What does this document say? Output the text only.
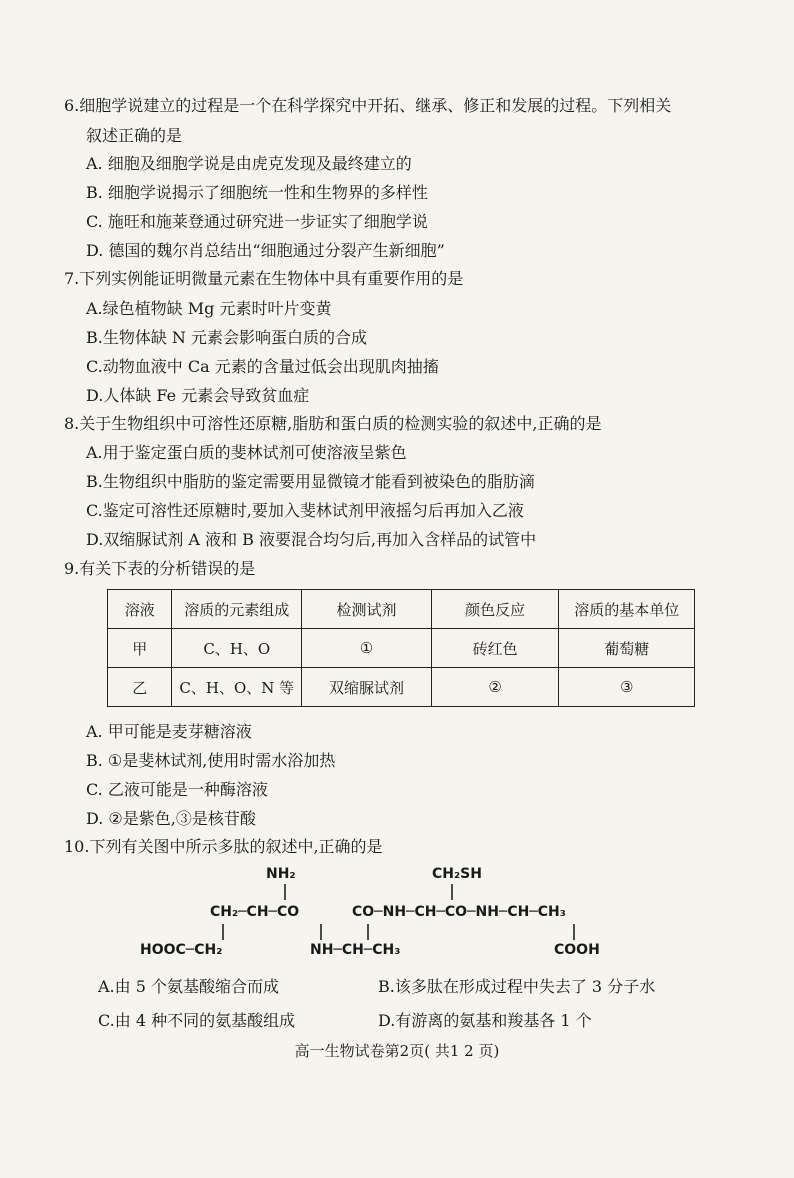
6.细胞学说建立的过程是一个在科学探究中开拓、继承、修正和发展的过程。下列相关
叙述正确的是
A. 细胞及细胞学说是由虎克发现及最终建立的
B. 细胞学说揭示了细胞统一性和生物界的多样性
C. 施旺和施莱登通过研究进一步证实了细胞学说
D. 德国的魏尔肖总结出“细胞通过分裂产生新细胞”
7.下列实例能证明微量元素在生物体中具有重要作用的是
A.绿色植物缺 Mg 元素时叶片变黄
B.生物体缺 N 元素会影响蛋白质的合成
C.动物血液中 Ca 元素的含量过低会出现肌肉抽搐
D.人体缺 Fe 元素会导致贫血症
8.关于生物组织中可溶性还原糖,脂肪和蛋白质的检测实验的叙述中,正确的是
A.用于鉴定蛋白质的斐林试剂可使溶液呈紫色
B.生物组织中脂肪的鉴定需要用显微镜才能看到被染色的脂肪滴
C.鉴定可溶性还原糖时,要加入斐林试剂甲液摇匀后再加入乙液
D.双缩脲试剂 A 液和 B 液要混合均匀后,再加入含样品的试管中
9.有关下表的分析错误的是
溶液	溶质的元素组成	检测试剂	颜色反应	溶质的基本单位
甲	C、H、O	①	砖红色	葡萄糖
乙	C、H、O、N 等	双缩脲试剂	②	③
A. 甲可能是麦芽糖溶液
B. ①是斐林试剂,使用时需水浴加热
C. 乙液可能是一种酶溶液
D. ②是紫色,③是核苷酸
10.下列有关图中所示多肽的叙述中,正确的是
NH₂	CH₂SH
CH₂─CH─CO	CO─NH─CH─CO─NH─CH─CH₃
HOOC─CH₂	NH─CH─CH₃	COOH
A.由 5 个氨基酸缩合而成	B.该多肽在形成过程中失去了 3 分子水
C.由 4 种不同的氨基酸组成	D.有游离的氨基和羧基各 1 个
高一生物试卷第2页( 共1 2 页)
